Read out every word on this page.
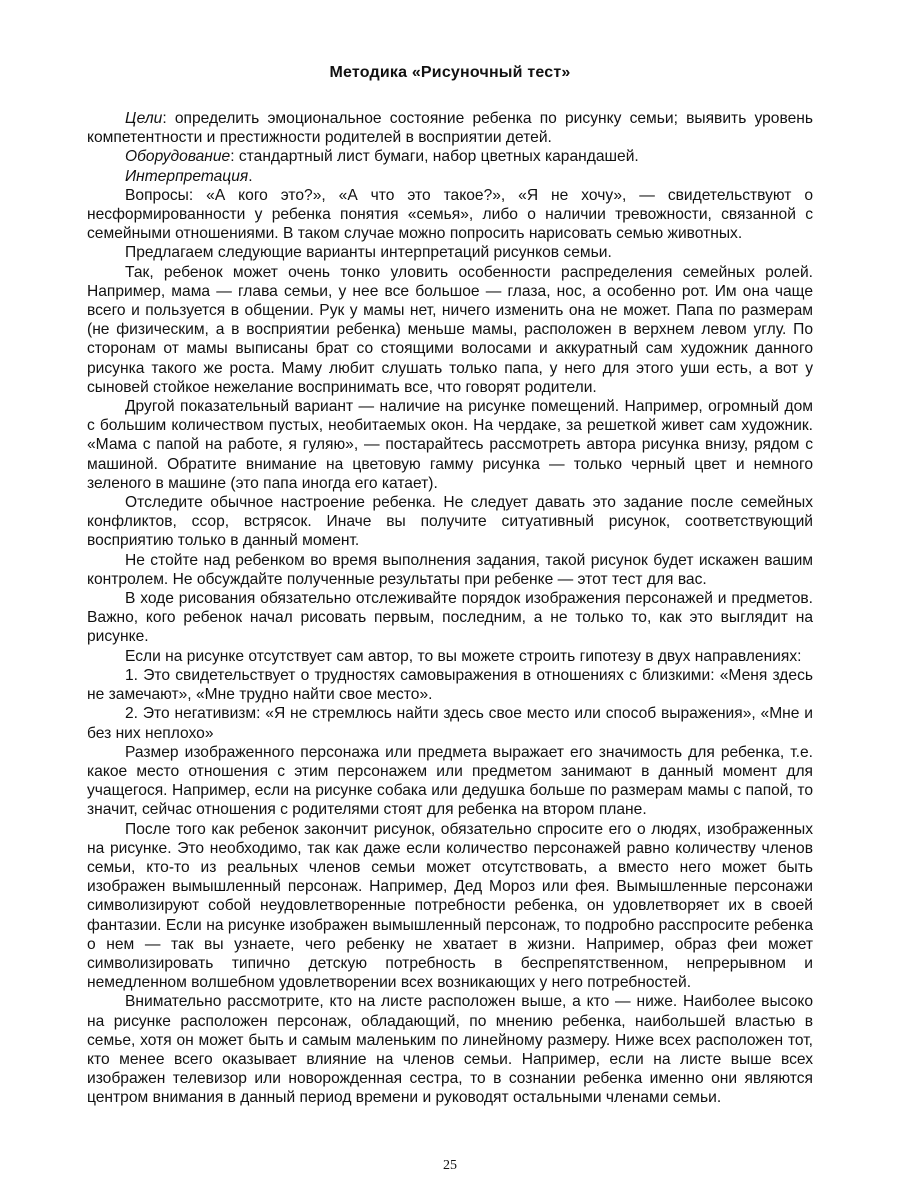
Методика «Рисуночный тест»

Цели: определить эмоциональное состояние ребенка по рисунку семьи; выявить уровень компетентности и престижности родителей в восприятии детей.

Оборудование: стандартный лист бумаги, набор цветных карандашей.

Интерпретация.

Вопросы: «А кого это?», «А что это такое?», «Я не хочу», — свидетельствуют о несформированности у ребенка понятия «семья», либо о наличии тревожности, связанной с семейными отношениями. В таком случае можно попросить нарисовать семью животных.

Предлагаем следующие варианты интерпретаций рисунков семьи.

Так, ребенок может очень тонко уловить особенности распределения семейных ролей. Например, мама — глава семьи, у нее все большое — глаза, нос, а особенно рот. Им она чаще всего и пользуется в общении. Рук у мамы нет, ничего изменить она не может. Папа по размерам (не физическим, а в восприятии ребенка) меньше мамы, расположен в верхнем левом углу. По сторонам от мамы выписаны брат со стоящими волосами и аккуратный сам художник данного рисунка такого же роста. Маму любит слушать только папа, у него для этого уши есть, а вот у сыновей стойкое нежелание воспринимать все, что говорят родители.

Другой показательный вариант — наличие на рисунке помещений. Например, огромный дом с большим количеством пустых, необитаемых окон. На чердаке, за решеткой живет сам художник. «Мама с папой на работе, я гуляю», — постарайтесь рассмотреть автора рисунка внизу, рядом с машиной. Обратите внимание на цветовую гамму рисунка — только черный цвет и немного зеленого в машине (это папа иногда его катает).

Отследите обычное настроение ребенка. Не следует давать это задание после семейных конфликтов, ссор, встрясок. Иначе вы получите ситуативный рисунок, соответствующий восприятию только в данный момент.

Не стойте над ребенком во время выполнения задания, такой рисунок будет искажен вашим контролем. Не обсуждайте полученные результаты при ребенке — этот тест для вас.

В ходе рисования обязательно отслеживайте порядок изображения персонажей и предметов. Важно, кого ребенок начал рисовать первым, последним, а не только то, как это выглядит на рисунке.

Если на рисунке отсутствует сам автор, то вы можете строить гипотезу в двух направлениях:

1. Это свидетельствует о трудностях самовыражения в отношениях с близкими: «Меня здесь не замечают», «Мне трудно найти свое место».

2. Это негативизм: «Я не стремлюсь найти здесь свое место или способ выражения», «Мне и без них неплохо»

Размер изображенного персонажа или предмета выражает его значимость для ребенка, т.е. какое место отношения с этим персонажем или предметом занимают в данный момент для учащегося. Например, если на рисунке собака или дедушка больше по размерам мамы с папой, то значит, сейчас отношения с родителями стоят для ребенка на втором плане.

После того как ребенок закончит рисунок, обязательно спросите его о людях, изображенных на рисунке. Это необходимо, так как даже если количество персонажей равно количеству членов семьи, кто-то из реальных членов семьи может отсутствовать, а вместо него может быть изображен вымышленный персонаж. Например, Дед Мороз или фея. Вымышленные персонажи символизируют собой неудовлетворенные потребности ребенка, он удовлетворяет их в своей фантазии. Если на рисунке изображен вымышленный персонаж, то подробно расспросите ребенка о нем — так вы узнаете, чего ребенку не хватает в жизни. Например, образ феи может символизировать типично детскую потребность в беспрепятственном, непрерывном и немедленном волшебном удовлетворении всех возникающих у него потребностей.

Внимательно рассмотрите, кто на листе расположен выше, а кто — ниже. Наиболее высоко на рисунке расположен персонаж, обладающий, по мнению ребенка, наибольшей властью в семье, хотя он может быть и самым маленьким по линейному размеру. Ниже всех расположен тот, кто менее всего оказывает влияние на членов семьи. Например, если на листе выше всех изображен телевизор или новорожденная сестра, то в сознании ребенка именно они являются центром внимания в данный период времени и руководят остальными членами семьи.

25
